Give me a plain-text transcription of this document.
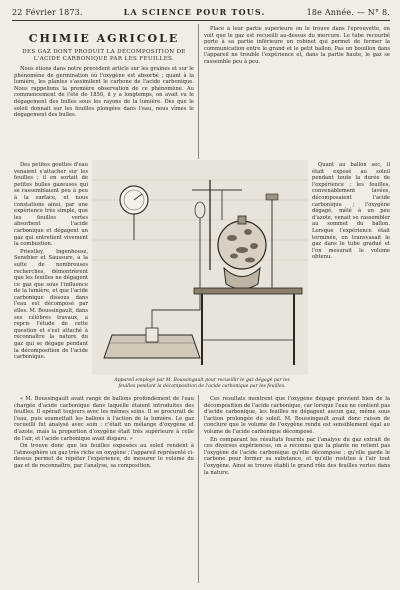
22 Février 1873.	LA SCIENCE POUR TOUS.	18e Année. — N° 8.
CHIMIE AGRICOLE
DES GAZ DONT PRODUIT LA DÉCOMPOSITION DE L'ACIDE CARBONIQUE PAR LES FEUILLES.

Nous étions dans notre précédent article sur les graines et sur le phénomène de germination où l'oxygène est absorbé ; quant à la lumière, les plantes s'assimilent le carbone de l'acide carbonique. Nous rappelions la première observation de ce phénomène. Au commencement de l'été de 1850, il y a longtemps, on avait vu le dégagement des bulles sous les rayons de la lumière. Dès que le soleil donnait sur les feuilles plongées dans l'eau, nous vîmes le dégagement des bulles.

Des petites gouttes d'eau venaient s'attacher sur les feuilles ; il en sortait de petites bulles gazeuses qui se rassemblaient peu à peu à la surface, et nous constations ainsi, par une expérience très simple, que les feuilles vertes absorbent l'acide carbonique et dégagent un gaz qui entretient vivement la combustion.

Priestley, Ingenhousz, Senebier et Saussure, à la suite de nombreuses recherches, démontrèrent que les feuilles ne dégagent ce gaz que sous l'influence de la lumière, et que l'acide carbonique dissous dans l'eau est décomposé par elles. M. Boussingault, dans ses célèbres travaux, a repris l'étude de cette question et s'est attaché à reconnaître la nature du gaz qui se dégage pendant la décomposition de l'acide carbonique.

Placé à leur partie supérieure on le trouve dans l'éprouvette, on voit que le gaz est recueilli au-dessus du mercure. Le tube recourbé porte à sa partie inférieure un robinet qui permet de fermer la communication entre le grand et le petit ballon. Pas un bouillon dans l'appareil ne trouble l'expérience et, dans la partie haute, le gaz se rassemble peu à peu.

Quant au ballon sec, il était exposé au soleil pendant toute la durée de l'expérience ; les feuilles, convenablement lavées, décomposaient l'acide carbonique ; l'oxygène dégagé, mêlé à un peu d'azote, venait se rassembler au sommet du ballon. Lorsque l'expérience était terminée, on transvasait le gaz dans le tube gradué et l'on mesurait le volume obtenu.

Appareil employé par M. Boussingault pour recueillir le gaz dégagé par les feuilles pendant la décomposition de l'acide carbonique par les feuilles.

« M. Boussingault avait rangé de ballons profondément de l'eau chargée d'acide carbonique dans laquelle étaient introduites des feuilles. Il opérait toujours avec les mêmes soins. Il se procurait de l'eau, puis soumettait les ballons à l'action de la lumière. Le gaz recueilli fut analysé avec soin : c'était un mélange d'oxygène et d'azote, mais la proportion d'oxygène était très supérieure à celle de l'air, et l'acide carbonique avait disparu. »

On trouve donc que les feuilles exposées au soleil rendent à l'atmosphère un gaz très riche en oxygène ; l'appareil représenté ci-dessus permet de répéter l'expérience, de mesurer le volume du gaz et de reconnaître, par l'analyse, sa composition.

Ces résultats montrent que l'oxygène dégagé provient bien de la décomposition de l'acide carbonique, car lorsque l'eau ne contient pas d'acide carbonique, les feuilles ne dégagent aucun gaz, même sous l'action prolongée du soleil. M. Boussingault avait donc raison de conclure que le volume de l'oxygène rendu est sensiblement égal au volume de l'acide carbonique décomposé.

En comparant les résultats fournis par l'analyse du gaz extrait de ces diverses expériences, on a reconnu que la plante ne retient pas l'oxygène de l'acide carbonique qu'elle décompose ; qu'elle garde le carbone pour former sa substance, et qu'elle restitue à l'air tout l'oxygène. Ainsi se trouve établi le grand rôle des feuilles vertes dans la nature.
